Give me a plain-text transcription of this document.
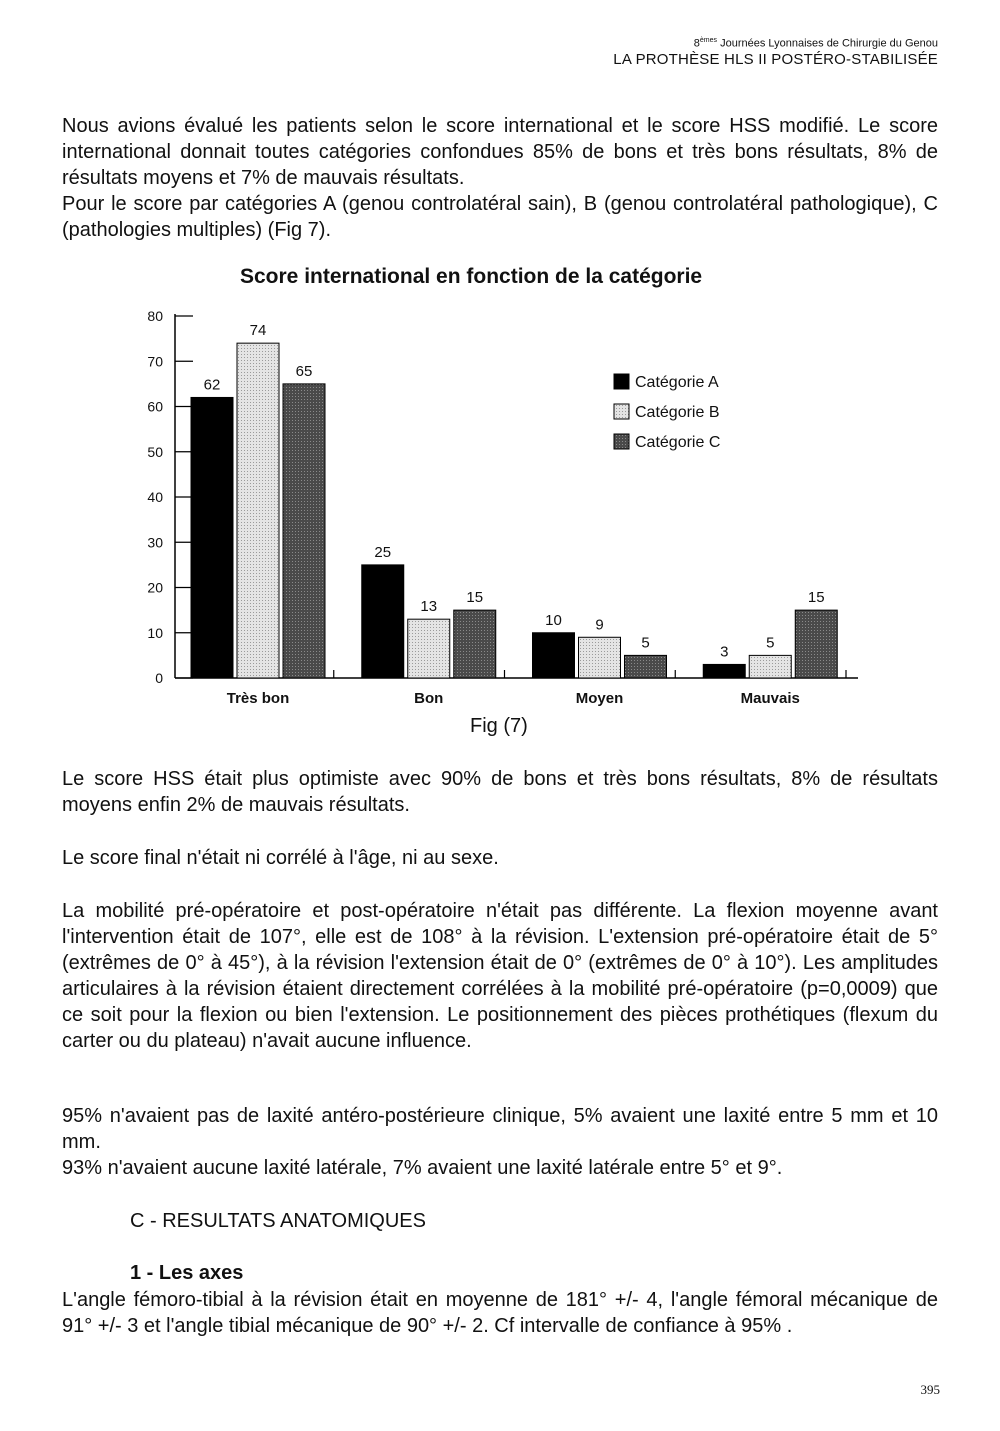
8èmes Journées Lyonnaises de Chirurgie du Genou
LA PROTHÈSE HLS II POSTÉRO-STABILISÉE

Nous avions évalué les patients selon le score international et le score HSS modifié. Le score international donnait toutes catégories confondues 85% de bons et très bons résultats, 8% de résultats moyens et 7% de mauvais résultats.

Pour le score par catégories A (genou controlatéral sain), B (genou controlatéral pathologique), C (pathologies multiples) (Fig 7).

Score international en fonction de la catégorie
0
10
20
30
40
50
60
70
80
Très bon	Bon	Moyen	Mauvais
62
74
65
25
13
15
10 9
5
3
5
15
Catégorie A
Catégorie B
Catégorie C
Fig (7)
Le score HSS était plus optimiste avec 90% de bons et très bons résultats, 8% de résultats moyens enfin 2% de mauvais résultats.
Le score final n'était ni corrélé à l'âge, ni au sexe.
La mobilité pré-opératoire et post-opératoire n'était pas différente. La flexion moyenne avant l'intervention était de 107°, elle est de 108° à la révision. L'extension pré-opératoire était de 5° (extrêmes de 0° à 45°), à la révision l'extension était de 0° (extrêmes de 0° à 10°). Les amplitudes articulaires à la révision étaient directement corrélées à la mobilité pré-opératoire (p=0,0009) que ce soit pour la flexion ou bien l'extension. Le positionnement des pièces prothétiques (flexum du carter ou du plateau) n'avait aucune influence.

95% n'avaient pas de laxité antéro-postérieure clinique, 5% avaient une laxité entre 5 mm et 10 mm.

93% n'avaient aucune laxité latérale, 7% avaient une laxité latérale entre 5° et 9°.

C - RESULTATS ANATOMIQUES
1 - Les axes
L'angle fémoro-tibial à la révision était en moyenne de 181° +/- 4, l'angle fémoral mécanique de 91° +/- 3 et l'angle tibial mécanique de 90° +/- 2. Cf intervalle de confiance à 95% .
395
